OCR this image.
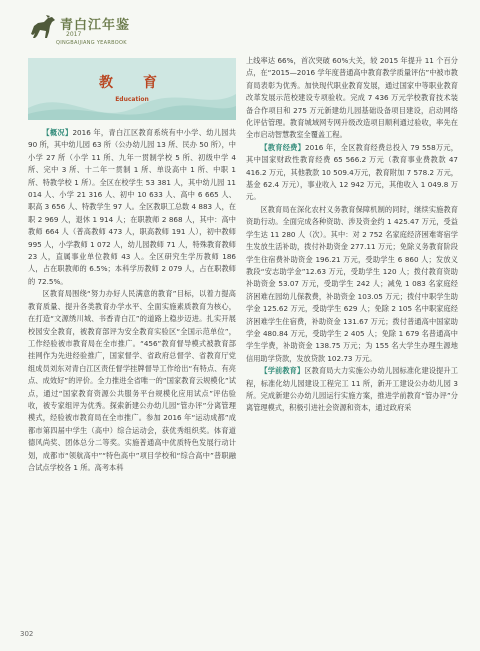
青白江年鉴
2017
QINGBAIJIANG YEARBOOK
教　育
Education

【概况】2016 年，青白江区教育系统有中小学、幼儿园共 90 所，其中幼儿园 63 所（公办幼儿园 13 所、民办 50 所），中小学 27 所（小学 11 所、九年一贯制学校 5 所、初级中学 4 所、完中 3 所、十二年一贯制 1 所、单设高中 1 所、中职 1 所、特教学校 1 所）。全区在校学生 53 381 人，其中幼儿园 11 014 人、小学 21 316 人、初中 10 633 人、高中 6 665 人、职高 3 656 人、特教学生 97 人。全区教职工总数 4 883 人，在职 2 969 人，退休 1 914 人；在职教师 2 868 人，其中：高中教师 664 人（普高教师 473 人，职高教师 191 人），初中教师 995 人，小学教师 1 072 人，幼儿园教师 71 人，特殊教育教师 23 人，直属事业单位教师 43 人。全区研究生学历教师 186 人，占在职教师的 6.5%；本科学历教师 2 079 人，占在职教师的 72.5%。

区教育局围绕“努力办好人民满意的教育”目标，以着力提高教育质量、提升各类教育办学水平、全面实施素质教育为核心，在打造“文源绣川城、书香青白江”的道路上稳步迈进。扎实开展校园安全教育，被教育部评为安全教育实验区“全国示范单位”，工作经验被市教育局在全市推广。“456”教育督导模式被教育部挂网作为先进经验推广，国家督学、省政府总督学、省教育厅党组成员刘东对青白江区责任督学挂牌督导工作给出“有特点、有亮点、成效好”的评价。全力推进全省唯一的“国家教育云规模化”试点，通过“国家教育资源公共服务平台规模化应用试点”评估验收，被专家组评为优秀。探索新建公办幼儿园“管办评”分离管理模式，经验被市教育局在全市推广。参加 2016 年“运动成都”成都市第四届中学生（高中）综合运动会，获优秀组织奖。体育道德风尚奖、团体总分二等奖。实施普通高中优质特色发展行动计划，成都市“领航高中”“特色高中”项目学校和“综合高中”普职融合试点学校各 1 所。高考本科

上线率达 66%，首次突破 60%大关，较 2015 年提升 11 个百分点，在“2015—2016 学年度普通高中教育教学质量评估”中被市教育局表彰为优秀。加快现代职业教育发展，通过国家中等职业教育改革发展示范校建设专项验收。完成 7 436 万元学校教育技术装备合作项目和 275 万元新建幼儿园基础设备项目建设，启动网络化评估管理。教育城域网专网升级改造项目顺利通过验收，率先在全市启动智慧教室全覆盖工程。

【教育经费】2016 年，全区教育经费总投入 79 558万元，其中国家财政性教育经费 65 566.2 万元（教育事业费教款 47 416.2 万元，其他教款 10 509.4万元，教育附加 7 578.2 万元，基金 62.4 万元），事业收入 12 942 万元，其他收入 1 049.8 万元。

区教育局在深化农村义务教育保障机制的同时，继续实施教育资助行动。全面完成各种资助、涉及资金约 1 425.47 万元，受益学生达 11 280 人（次）。其中：对 2 752 名家庭经济困难寄宿学生发放生活补助，拨付补助资金 277.11 万元；免除义务教育阶段学生住宿费补助资金 196.21 万元，受助学生 6 860 人；发放义教段“安志助学金”12.63 万元，受助学生 120 人；拨付教育资助补助资金 53.07 万元，受助学生 242 人；减免 1 083 名家庭经济困难在园幼儿保教费，补助资金 103.05 万元；拨付中职学生助学金 125.62 万元，受助学生 629 人；免除 2 105 名中职家庭经济困难学生住宿费，补助资金 131.67 万元；拨付普通高中国家助学金 480.84 万元，受助学生 2 405 人；免除 1 679 名普通高中学生学费，补助资金 138.75 万元；为 155 名大学生办理生源地信用助学贷款，发放贷款 102.73 万元。

【学前教育】区教育局大力实施公办幼儿园标准化建设提升工程，标准化幼儿园建设工程完工 11 所，新开工建设公办幼儿园 3 所。完成新建公办幼儿园运行实施方案，推进学前教育“管办评”分离管理模式，积极引进社会资源和资本，通过政府采

302
